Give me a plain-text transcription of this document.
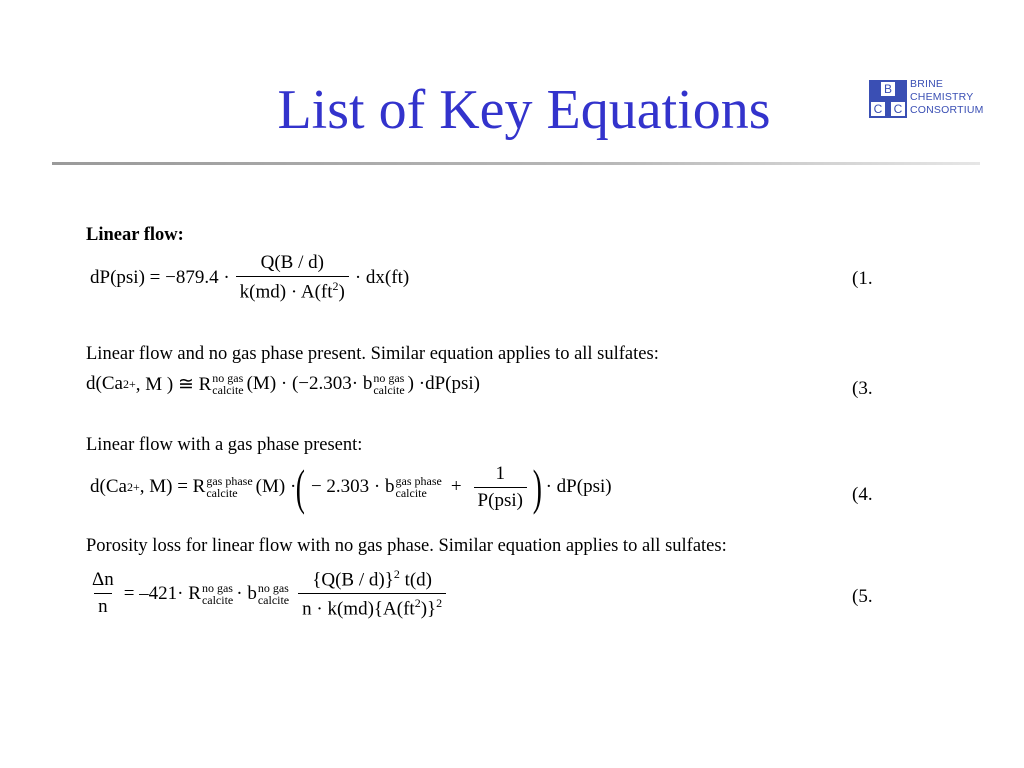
List of Key Equations	B
C C
BRINE
CHEMISTRY
CONSORTIUM
Linear flow:
$dP(psi) = -879.4 \cdot \frac{Q(B / d)}{k(md) \cdot A(ft^2)} \cdot dx(ft)$	(1.
Linear flow and no gas phase present. Similar equation applies to all sulfates:
d(Ca 2+ , M ) ≅ R no gas
calcite (M) · (−2.303· b no gas
calcite ) ·dP(psi)	(3.
Linear flow with a gas phase present:
d(Ca 2+ , M) = R gas phase
calcite (M) · ( − 2.303 · b gas phase
calcite	+ $\frac{1}{\text{P(psi)}}$ ) · dP(psi)	(4.
Porosity loss for linear flow with no gas phase. Similar equation applies to all sulfates:
$\frac{\Delta n}{n} = -421\cdot R$ no gas
calcite · b no gas
calcite $\frac{\{Q(B / d)\}^2 t(d)}{n \cdot k(md)\{A(ft^2)\}^2}$	(5.
